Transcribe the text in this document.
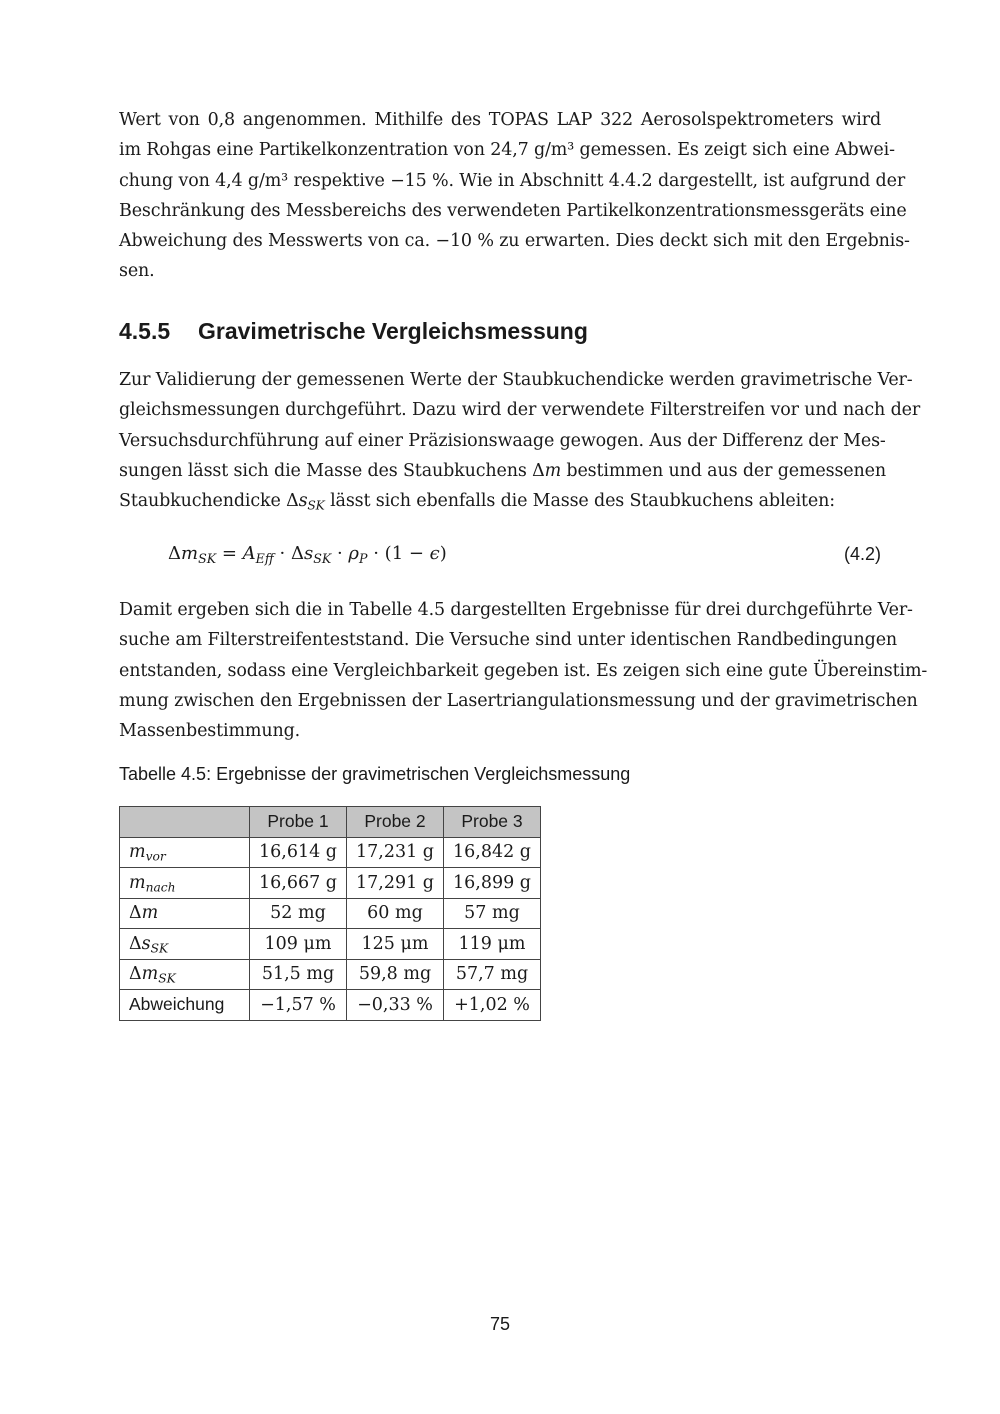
Wert von 0,8 angenommen. Mithilfe des TOPAS LAP 322 Aerosolspektrometers wird
im Rohgas eine Partikelkonzentration von 24,7 g/m³ gemessen. Es zeigt sich eine Abwei-
chung von 4,4 g/m³ respektive −15 %. Wie in Abschnitt 4.4.2 dargestellt, ist aufgrund der
Beschränkung des Messbereichs des verwendeten Partikelkonzentrationsmessgeräts eine
Abweichung des Messwerts von ca. −10 % zu erwarten. Dies deckt sich mit den Ergebnis-
sen.

4.5.5 Gravimetrische Vergleichsmessung

Zur Validierung der gemessenen Werte der Staubkuchendicke werden gravimetrische Ver-
gleichsmessungen durchgeführt. Dazu wird der verwendete Filterstreifen vor und nach der
Versuchsdurchführung auf einer Präzisionswaage gewogen. Aus der Differenz der Mes-
sungen lässt sich die Masse des Staubkuchens Δm bestimmen und aus der gemessenen
Staubkuchendicke $\Delta s_{SK}$ lässt sich ebenfalls die Masse des Staubkuchens ableiten:

$\Delta m_{SK} = A_{Eff} \cdot \Delta s_{SK} \cdot \rho_P \cdot (1 - \epsilon)$	(4.2)

Damit ergeben sich die in Tabelle 4.5 dargestellten Ergebnisse für drei durchgeführte Ver-
suche am Filterstreifenteststand. Die Versuche sind unter identischen Randbedingungen
entstanden, sodass eine Vergleichbarkeit gegeben ist. Es zeigen sich eine gute Übereinstim-
mung zwischen den Ergebnissen der Lasertriangulationsmessung und der gravimetrischen
Massenbestimmung.

Tabelle 4.5: Ergebnisse der gravimetrischen Vergleichsmessung

	Probe 1	Probe 2	Probe 3
$m_{vor}$	16,614 g	17,231 g	16,842 g
$m_{nach}$	16,667 g	17,291 g	16,899 g
Δm	52 mg	60 mg	57 mg
$\Delta s_{SK}$	109 μm	125 μm	119 μm
$\Delta m_{SK}$	51,5 mg	59,8 mg	57,7 mg
Abweichung	−1,57 %	−0,33 %	+1,02 %
75
